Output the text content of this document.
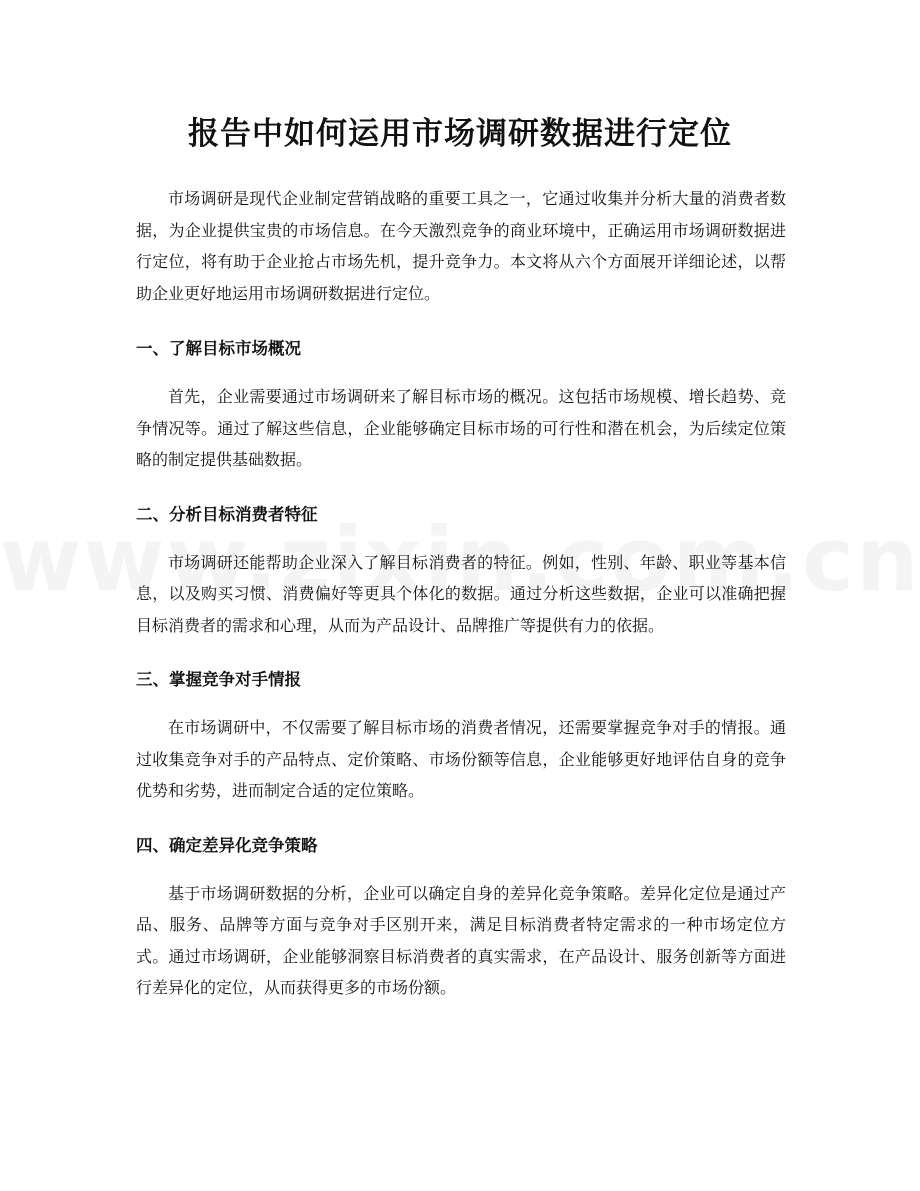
报告中如何运用市场调研数据进行定位

市场调研是现代企业制定营销战略的重要工具之一，它通过收集并分析大量的消费者数据，为企业提供宝贵的市场信息。在今天激烈竞争的商业环境中，正确运用市场调研数据进行定位，将有助于企业抢占市场先机，提升竞争力。本文将从六个方面展开详细论述，以帮助企业更好地运用市场调研数据进行定位。

一、了解目标市场概况

首先，企业需要通过市场调研来了解目标市场的概况。这包括市场规模、增长趋势、竞争情况等。通过了解这些信息，企业能够确定目标市场的可行性和潜在机会，为后续定位策略的制定提供基础数据。

二、分析目标消费者特征

市场调研还能帮助企业深入了解目标消费者的特征。例如，性别、年龄、职业等基本信息，以及购买习惯、消费偏好等更具个体化的数据。通过分析这些数据，企业可以准确把握目标消费者的需求和心理，从而为产品设计、品牌推广等提供有力的依据。

三、掌握竞争对手情报

在市场调研中，不仅需要了解目标市场的消费者情况，还需要掌握竞争对手的情报。通过收集竞争对手的产品特点、定价策略、市场份额等信息，企业能够更好地评估自身的竞争优势和劣势，进而制定合适的定位策略。

四、确定差异化竞争策略

基于市场调研数据的分析，企业可以确定自身的差异化竞争策略。差异化定位是通过产品、服务、品牌等方面与竞争对手区别开来，满足目标消费者特定需求的一种市场定位方式。通过市场调研，企业能够洞察目标消费者的真实需求，在产品设计、服务创新等方面进行差异化的定位，从而获得更多的市场份额。
